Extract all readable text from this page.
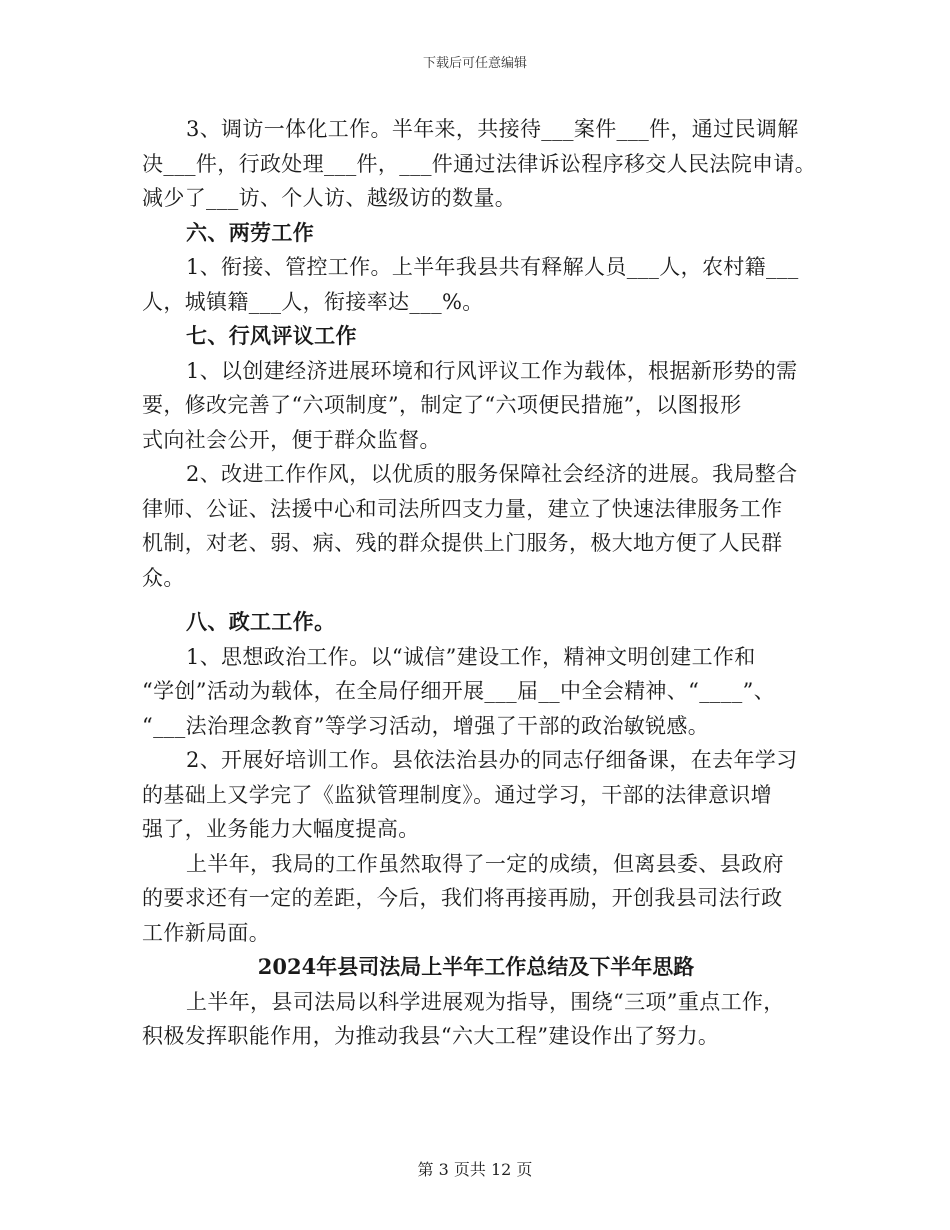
下载后可任意编辑
3、调访一体化工作。半年来，共接待___案件___件，通过民调解
决___件，行政处理___件，___件通过法律诉讼程序移交人民法院申请。
减少了___访、个人访、越级访的数量。
六、两劳工作
1、衔接、管控工作。上半年我县共有释解人员___人，农村籍___
人，城镇籍___人，衔接率达___%。
七、行风评议工作
1、以创建经济进展环境和行风评议工作为载体，根据新形势的需
要，修改完善了“六项制度”，制定了“六项便民措施”，以图报形
式向社会公开，便于群众监督。
2、改进工作作风，以优质的服务保障社会经济的进展。我局整合
律师、公证、法援中心和司法所四支力量，建立了快速法律服务工作
机制，对老、弱、病、残的群众提供上门服务，极大地方便了人民群
众。
八、政工工作。
1、思想政治工作。以“诚信”建设工作，精神文明创建工作和
“学创”活动为载体，在全局仔细开展___届__中全会精神、“____”、
“___法治理念教育”等学习活动，增强了干部的政治敏锐感。
2、开展好培训工作。县依法治县办的同志仔细备课，在去年学习
的基础上又学完了《监狱管理制度》。通过学习，干部的法律意识增
强了，业务能力大幅度提高。
上半年，我局的工作虽然取得了一定的成绩，但离县委、县政府
的要求还有一定的差距，今后，我们将再接再励，开创我县司法行政
工作新局面。
2024年县司法局上半年工作总结及下半年思路
上半年，县司法局以科学进展观为指导，围绕“三项”重点工作，
积极发挥职能作用，为推动我县“六大工程”建设作出了努力。
第 3 页共 12 页
